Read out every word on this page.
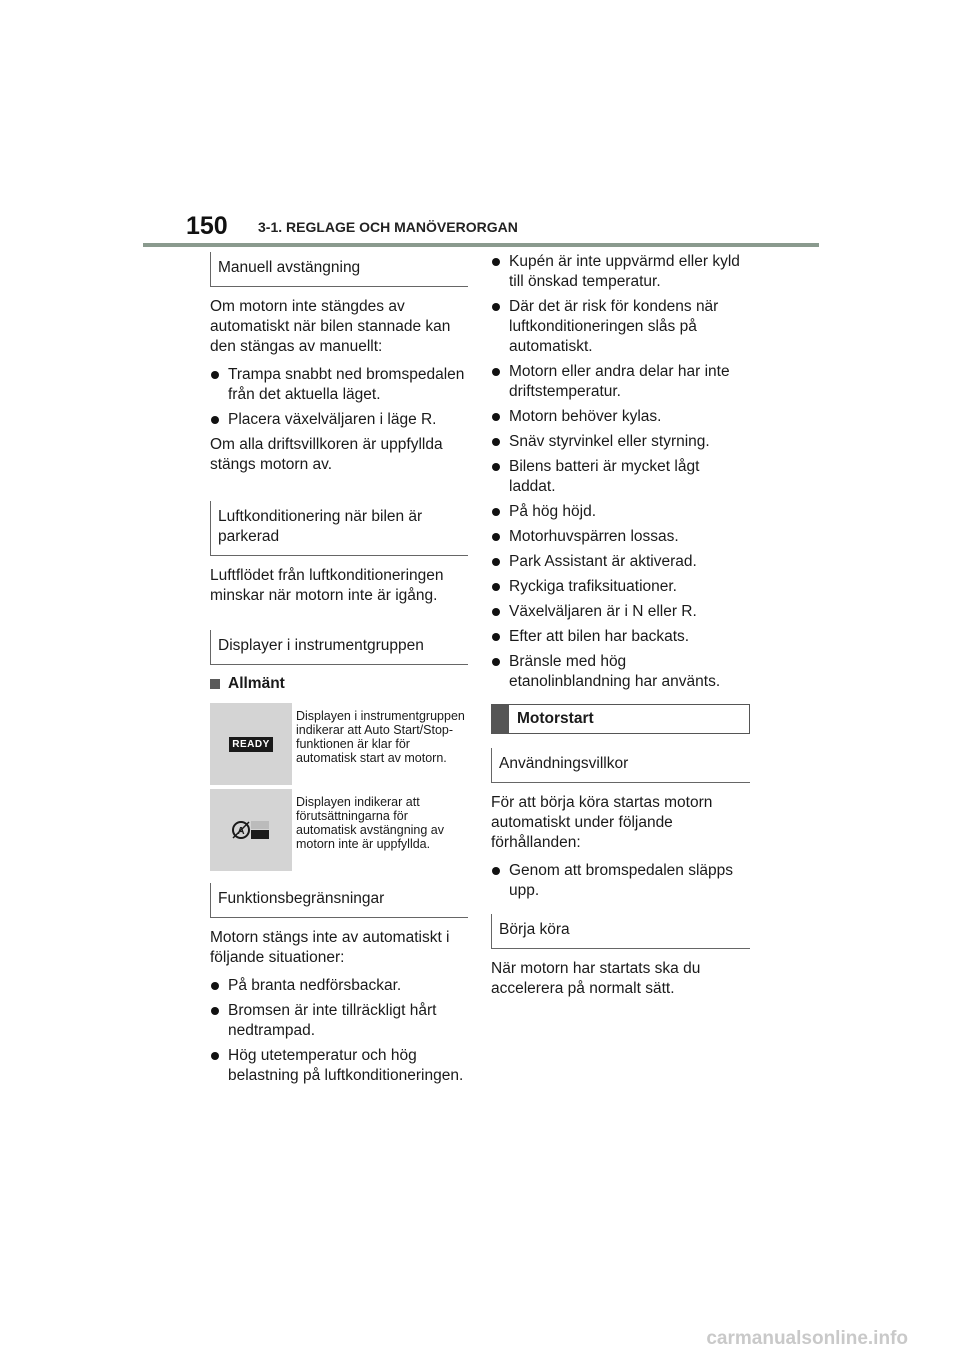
150 3-1. REGLAGE OCH MANÖVERORGAN
Manuell avstängning

Om motorn inte stängdes av automatiskt när bilen stannade kan den stängas av manuellt:

Trampa snabbt ned bromspedalen från det aktuella läget.
Placera växelväljaren i läge R.

Om alla driftsvillkoren är uppfyllda stängs motorn av.

Luftkonditionering när bilen är parkerad

Luftflödet från luftkonditioneringen minskar när motorn inte är igång.

Displayer i instrumentgruppen
Allmänt
READY
Displayen i instrumentgruppen indikerar att Auto Start/Stop-funktionen är klar för automatisk start av motorn.
A
Displayen indikerar att förutsättningarna för automatisk avstängning av motorn inte är uppfyllda.
Funktionsbegränsningar

Motorn stängs inte av automatiskt i följande situationer:

På branta nedförsbackar.
Bromsen är inte tillräckligt hårt nedtrampad.
Hög utetemperatur och hög belastning på luftkonditioneringen.
Kupén är inte uppvärmd eller kyld till önskad temperatur.
Där det är risk för kondens när luftkonditioneringen slås på automatiskt.
Motorn eller andra delar har inte driftstemperatur.
Motorn behöver kylas.
Snäv styrvinkel eller styrning.
Bilens batteri är mycket lågt laddat.
På hög höjd.
Motorhuvspärren lossas.
Park Assistant är aktiverad.
Ryckiga trafiksituationer.
Växelväljaren är i N eller R.
Efter att bilen har backats.
Bränsle med hög etanolinblandning har använts.
Motorstart
Användningsvillkor

För att börja köra startas motorn automatiskt under följande förhållanden:

Genom att bromspedalen släpps upp.
Börja köra

När motorn har startats ska du accelerera på normalt sätt.

carmanualsonline.info
